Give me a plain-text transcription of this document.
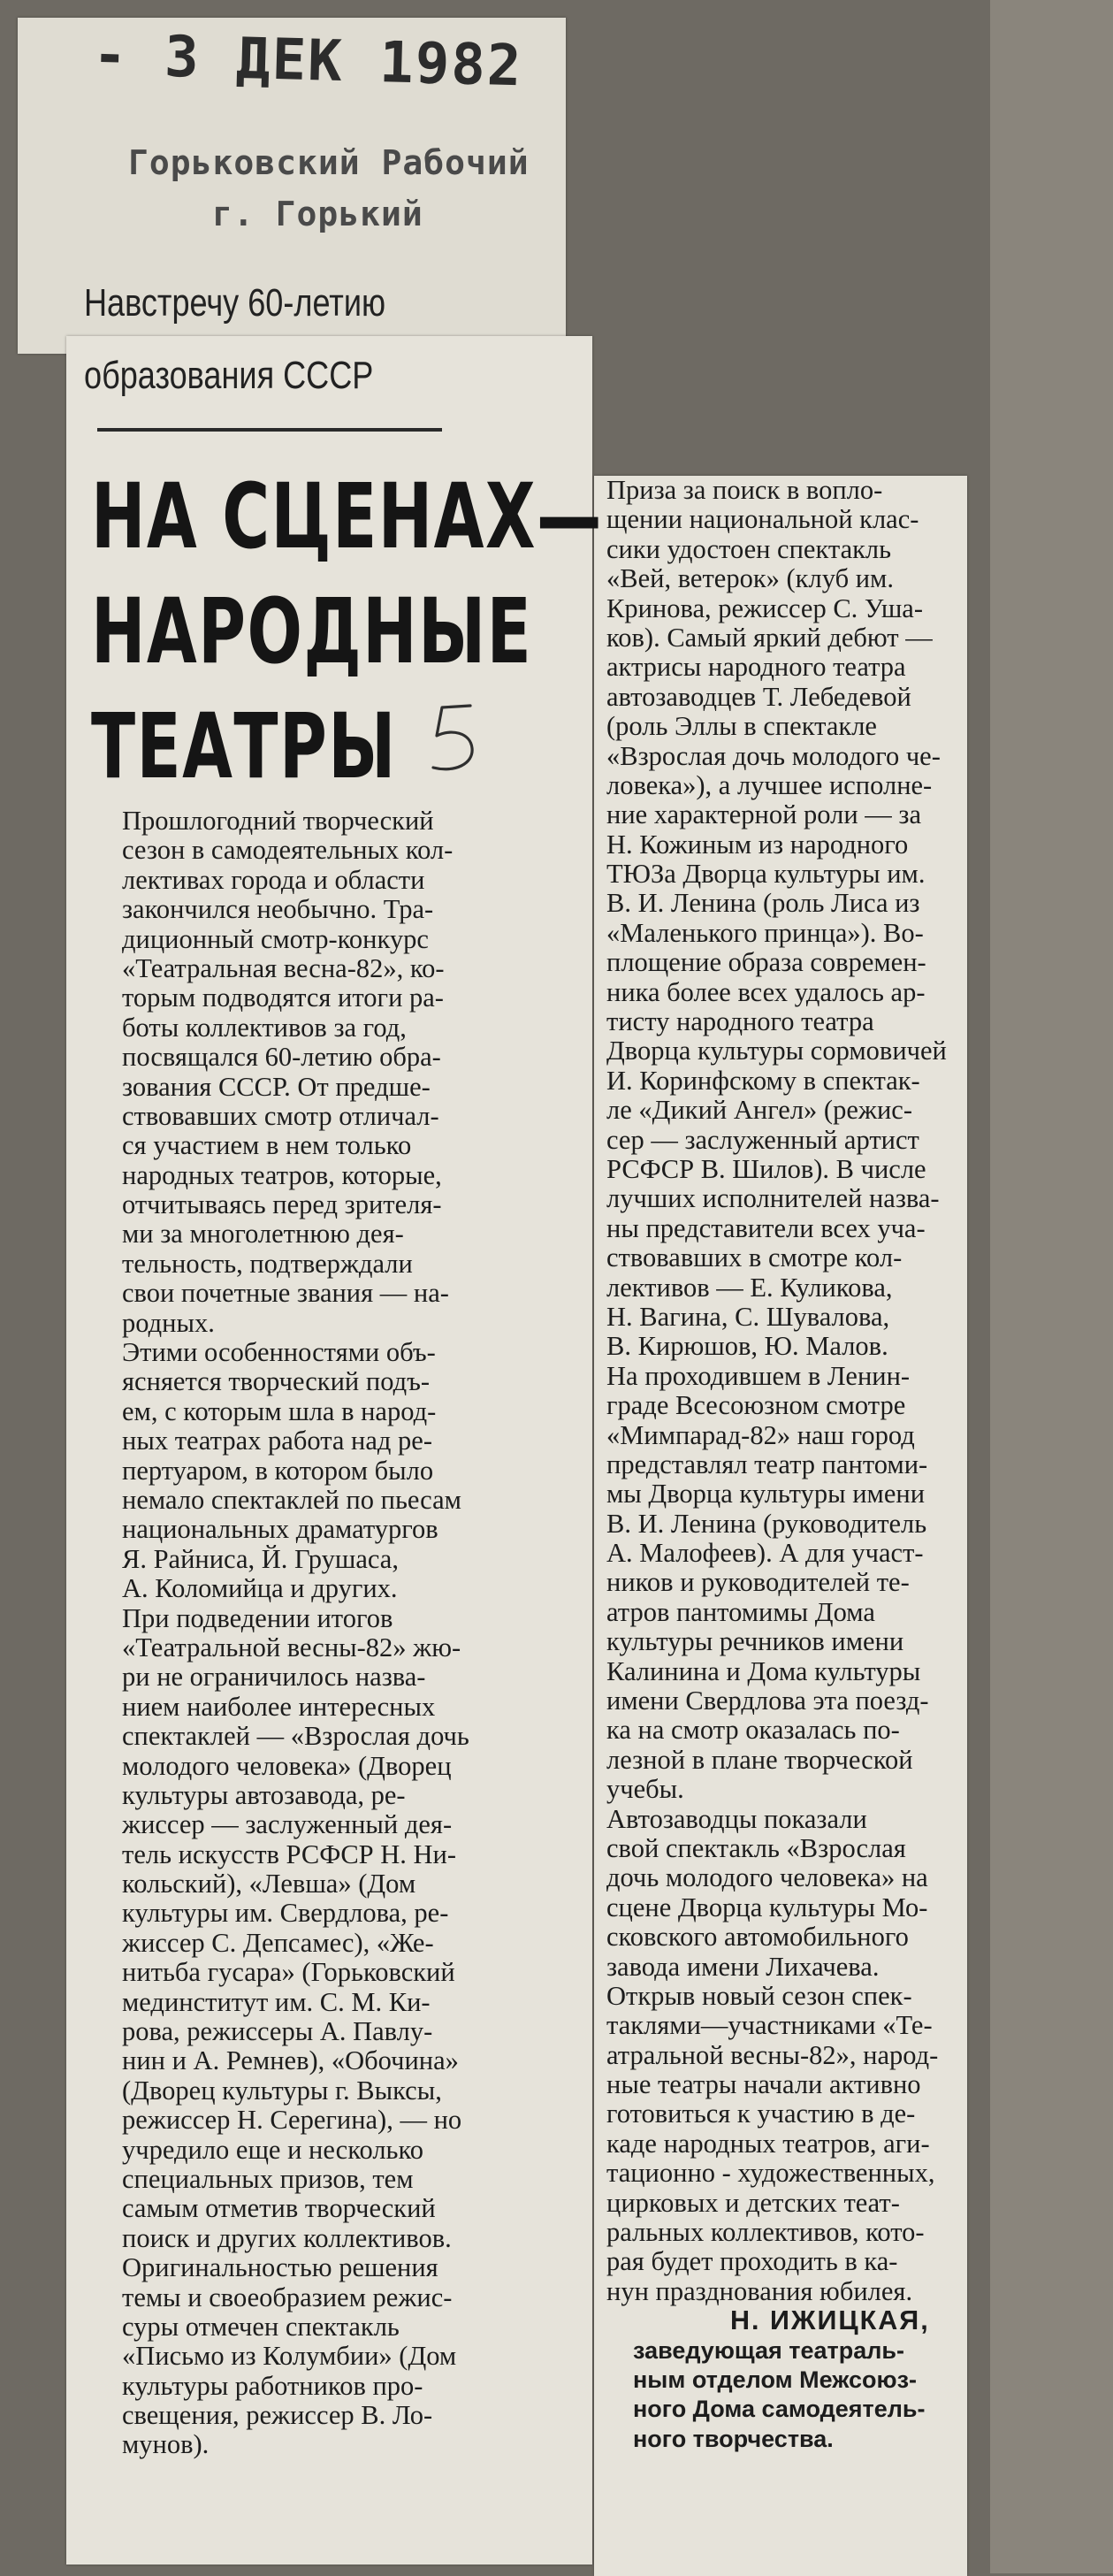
- 3 ДЕК 1982
Горьковский Рабочий
г. Горький
Навстречу 60-летию
образования СССР
НА СЦЕНАХ—
НАРОДНЫЕ
ТЕАТРЫ
Прошлогодний творческий
сезон в самодеятельных кол-
лективах города и области
закончился необычно. Тра-
диционный смотр-конкурс
«Театральная весна-82», ко-
торым подводятся итоги ра-
боты коллективов за год,
посвящался 60-летию обра-
зования СССР. От предше-
ствовавших смотр отличал-
ся участием в нем только
народных театров, которые,
отчитываясь перед зрителя-
ми за многолетнюю дея-
тельность, подтверждали
свои почетные звания — на-
родных.
Этими особенностями объ-
ясняется творческий подъ-
ем, с которым шла в народ-
ных театрах работа над ре-
пертуаром, в котором было
немало спектаклей по пьесам
национальных драматургов
Я. Райниса, Й. Грушаса,
А. Коломийца и других.
При подведении итогов
«Театральной весны-82» жю-
ри не ограничилось назва-
нием наиболее интересных
спектаклей — «Взрослая дочь
молодого человека» (Дворец
культуры автозавода, ре-
жиссер — заслуженный дея-
тель искусств РСФСР Н. Ни-
кольский), «Левша» (Дом
культуры им. Свердлова, ре-
жиссер С. Депсамес), «Же-
нитьба гусара» (Горьковский
мединститут им. С. М. Ки-
рова, режиссеры А. Павлу-
нин и А. Ремнев), «Обочина»
(Дворец культуры г. Выксы,
режиссер Н. Серегина), — но
учредило еще и несколько
специальных призов, тем
самым отметив творческий
поиск и других коллективов.
Оригинальностью решения
темы и своеобразием режис-
суры отмечен спектакль
«Письмо из Колумбии» (Дом
культуры работников про-
свещения, режиссер В. Ло-
мунов).
Приза за поиск в вопло-
щении национальной клас-
сики удостоен спектакль
«Вей, ветерок» (клуб им.
Кринова, режиссер С. Уша-
ков). Самый яркий дебют —
актрисы народного театра
автозаводцев Т. Лебедевой
(роль Эллы в спектакле
«Взрослая дочь молодого че-
ловека»), а лучшее исполне-
ние характерной роли — за
Н. Кожиным из народного
ТЮЗа Дворца культуры им.
В. И. Ленина (роль Лиса из
«Маленького принца»). Во-
площение образа современ-
ника более всех удалось ар-
тисту народного театра
Дворца культуры сормовичей
И. Коринфскому в спектак-
ле «Дикий Ангел» (режис-
сер — заслуженный артист
РСФСР В. Шилов). В числе
лучших исполнителей назва-
ны представители всех уча-
ствовавших в смотре кол-
лективов — Е. Куликова,
Н. Вагина, С. Шувалова,
В. Кирюшов, Ю. Малов.
На проходившем в Ленин-
граде Всесоюзном смотре
«Мимпарад-82» наш город
представлял театр пантоми-
мы Дворца культуры имени
В. И. Ленина (руководитель
А. Малофеев). А для участ-
ников и руководителей те-
атров пантомимы Дома
культуры речников имени
Калинина и Дома культуры
имени Свердлова эта поезд-
ка на смотр оказалась по-
лезной в плане творческой
учебы.
Автозаводцы показали
свой спектакль «Взрослая
дочь молодого человека» на
сцене Дворца культуры Мо-
сковского автомобильного
завода имени Лихачева.
Открыв новый сезон спек-
таклями—участниками «Те-
атральной весны-82», народ-
ные театры начали активно
готовиться к участию в де-
каде народных театров, аги-
тационно - художественных,
цирковых и детских теат-
ральных коллективов, кото-
рая будет проходить в ка-
нун празднования юбилея.
Н. ИЖИЦКАЯ,
заведующая театраль-
ным отделом Межсоюз-
ного Дома самодеятель-
ного творчества.
